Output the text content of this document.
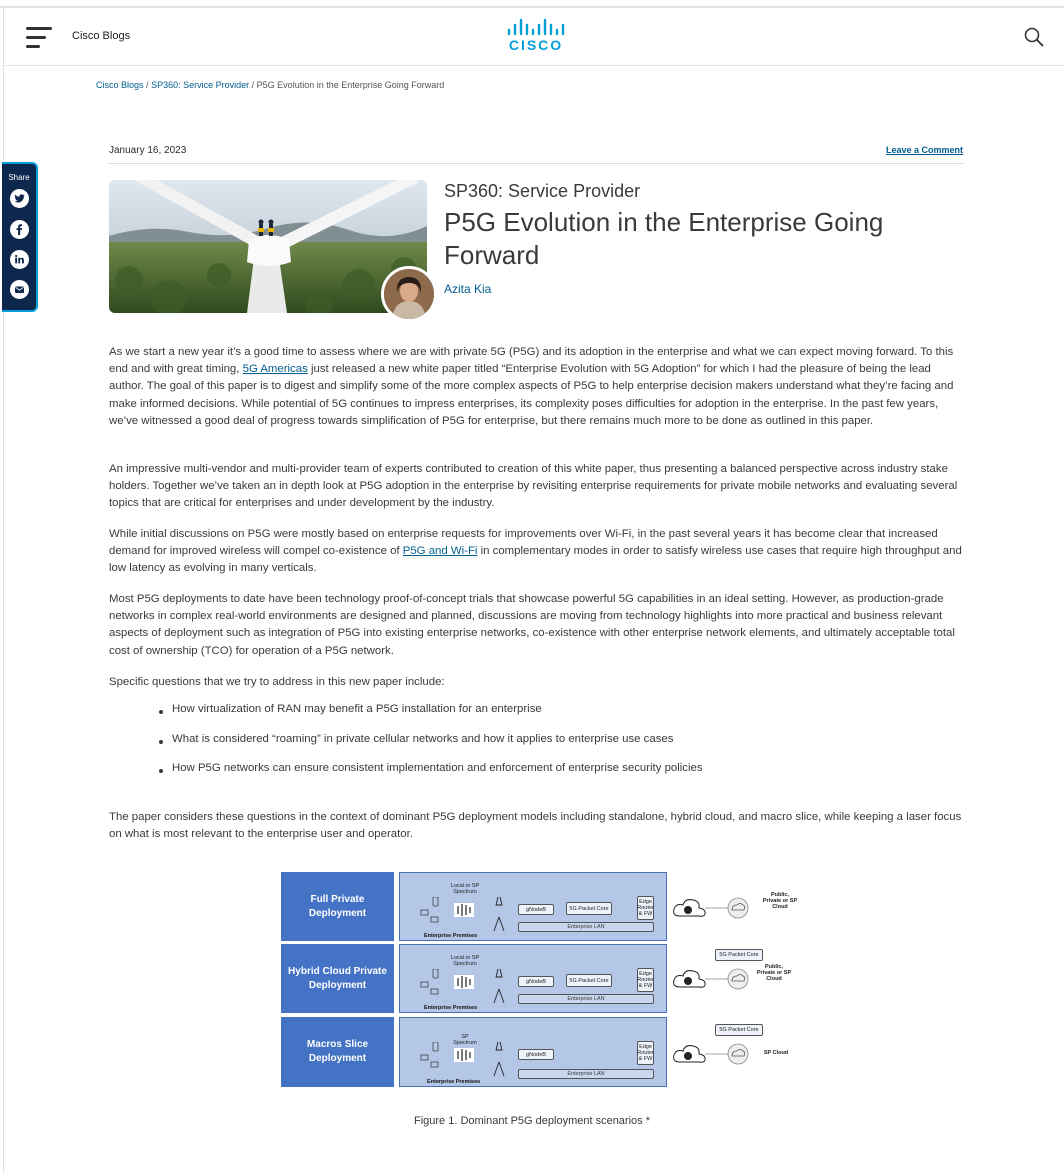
Cisco Blogs
CISCO
Cisco Blogs / SP360: Service Provider / P5G Evolution in the Enterprise Going Forward
January 16, 2023	Leave a Comment
Share
SP360: Service Provider
P5G Evolution in the Enterprise Going Forward
Azita Kia
As we start a new year it’s a good time to assess where we are with private 5G (P5G) and its adoption in the enterprise and what we can expect moving forward. To this end and with great timing, 5G Americas just released a new white paper titled “Enterprise Evolution with 5G Adoption” for which I had the pleasure of being the lead author. The goal of this paper is to digest and simplify some of the more complex aspects of P5G to help enterprise decision makers understand what they’re facing and make informed decisions. While potential of 5G continues to impress enterprises, its complexity poses difficulties for adoption in the enterprise. In the past few years, we’ve witnessed a good deal of progress towards simplification of P5G for enterprise, but there remains much more to be done as outlined in this paper.
An impressive multi-vendor and multi-provider team of experts contributed to creation of this white paper, thus presenting a balanced perspective across industry stake holders. Together we’ve taken an in depth look at P5G adoption in the enterprise by revisiting enterprise requirements for private mobile networks and evaluating several topics that are critical for enterprises and under development by the industry.
While initial discussions on P5G were mostly based on enterprise requests for improvements over Wi-Fi, in the past several years it has become clear that increased demand for improved wireless will compel co-existence of P5G and Wi-Fi in complementary modes in order to satisfy wireless use cases that require high throughput and low latency as evolving in many verticals.
Most P5G deployments to date have been technology proof-of-concept trials that showcase powerful 5G capabilities in an ideal setting. However, as production-grade networks in complex real-world environments are designed and planned, discussions are moving from technology highlights into more practical and business relevant aspects of deployment such as integration of P5G into existing enterprise networks, co-existence with other enterprise network elements, and ultimately acceptable total cost of ownership (TCO) for operation of a P5G network.
Specific questions that we try to address in this new paper include:
How virtualization of RAN may benefit a P5G installation for an enterprise
What is considered “roaming” in private cellular networks and how it applies to enterprise use cases
How P5G networks can ensure consistent implementation and enforcement of enterprise security policies
The paper considers these questions in the context of dominant P5G deployment models including standalone, hybrid cloud, and macro slice, while keeping a laser focus on what is most relevant to the enterprise user and operator.
Full Private
Deployment
Local or SP
Spectrum
gNodeB	5G Packet Core
Edge
Router
& FW
Enterprise LAN
Enterprise Premises
Hybrid Cloud Private
Deployment
Local or SP
Spectrum
gNodeB	5G Packet Core
Edge
Router
& FW
Enterprise LAN
Enterprise Premises
Macros Slice
Deployment
SP
Spectrum
gNodeB
Edge
Router
& FW
Enterprise LAN
Enterprise Premises
Public,
Private or SP
Cloud
5G Packet Core
Public,
Private or SP
Cloud
5G Packet Core
SP Cloud
Figure 1. Dominant P5G deployment scenarios *
